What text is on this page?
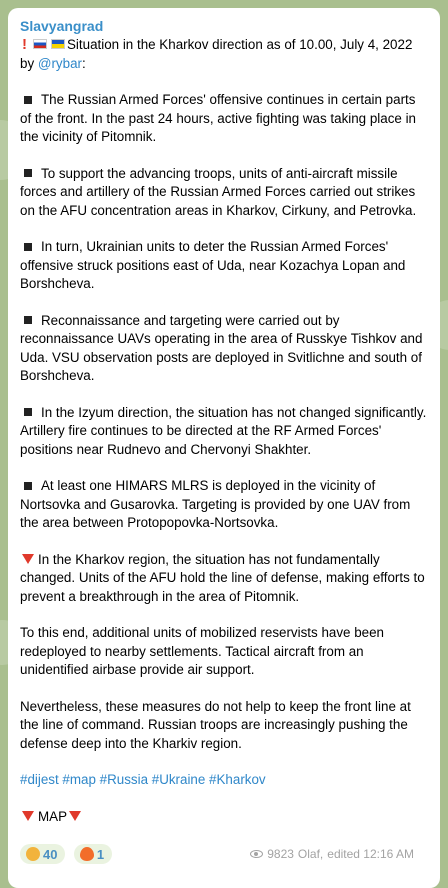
Slavyangrad

!	Situation in the Kharkov direction as of 10.00, July 4, 2022 by @rybar:

The Russian Armed Forces' offensive continues in certain parts of the front. In the past 24 hours, active fighting was taking place in the vicinity of Pitomnik.

To support the advancing troops, units of anti-aircraft missile forces and artillery of the Russian Armed Forces carried out strikes on the AFU concentration areas in Kharkov, Cirkuny, and Petrovka.

In turn, Ukrainian units to deter the Russian Armed Forces' offensive struck positions east of Uda, near Kozachya Lopan and Borshcheva.

Reconnaissance and targeting were carried out by reconnaissance UAVs operating in the area of Russkye Tishkov and Uda. VSU observation posts are deployed in Svitlichne and south of Borshcheva.

In the Izyum direction, the situation has not changed significantly. Artillery fire continues to be directed at the RF Armed Forces' positions near Rudnevo and Chervonyi Shakhter.

At least one HIMARS MLRS is deployed in the vicinity of Nortsovka and Gusarovka. Targeting is provided by one UAV from the area between Protopopovka-Nortsovka.

In the Kharkov region, the situation has not fundamentally changed. Units of the AFU hold the line of defense, making efforts to prevent a breakthrough in the area of Pitomnik.

To this end, additional units of mobilized reservists have been redeployed to nearby settlements. Tactical aircraft from an unidentified airbase provide air support.

Nevertheless, these measures do not help to keep the front line at the line of command. Russian troops are increasingly pushing the defense deep into the Kharkiv region.

#dijest #map #Russia #Ukraine #Kharkov

MAP

40
	1	9823 Olaf, edited 12:16 AM
